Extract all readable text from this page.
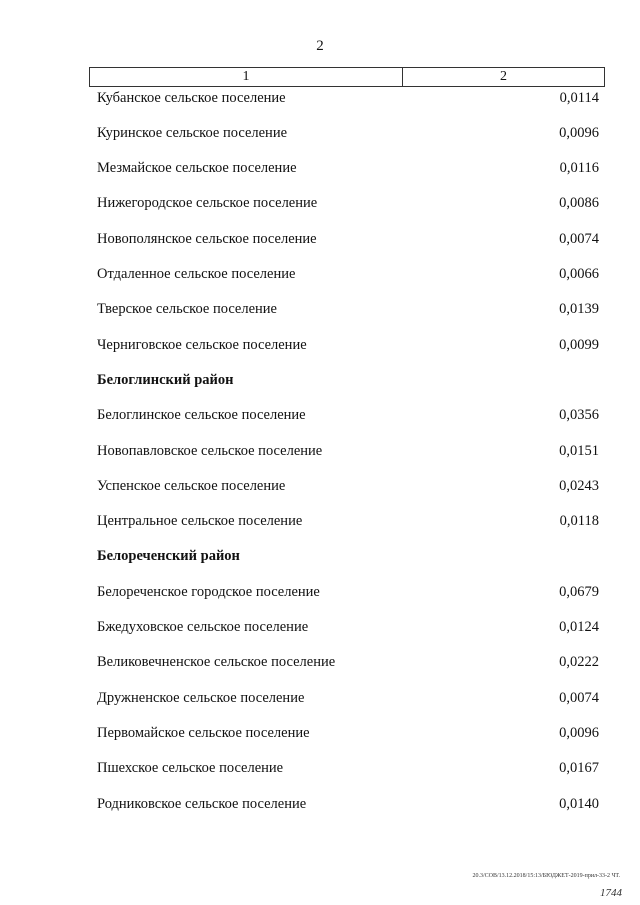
2
1	2
Кубанское сельское поселение	0,0114
Куринское сельское поселение	0,0096
Мезмайское сельское поселение	0,0116
Нижегородское сельское поселение	0,0086
Новополянское сельское поселение	0,0074
Отдаленное сельское поселение	0,0066
Тверское сельское поселение	0,0139
Черниговское сельское поселение	0,0099
Белоглинский район
Белоглинское сельское поселение	0,0356
Новопавловское сельское поселение	0,0151
Успенское сельское поселение	0,0243
Центральное сельское поселение	0,0118
Белореченский район
Белореченское городское поселение	0,0679
Бжедуховское сельское поселение	0,0124
Великовечненское сельское поселение	0,0222
Дружненское сельское поселение	0,0074
Первомайское сельское поселение	0,0096
Пшехское сельское поселение	0,0167
Родниковское сельское поселение	0,0140
20.3/СОВ/13.12.2018/15:13/БЮДЖЕТ-2019-прил-33-2 ЧТ.
1744
